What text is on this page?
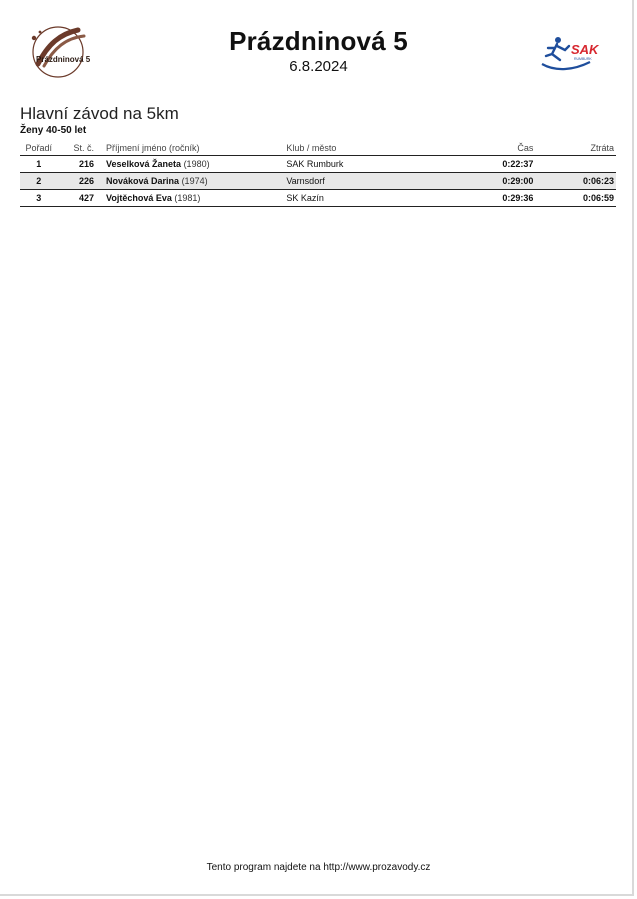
Prázdninová 5
Prázdninová 5
6.8.2024
SAK
RUMBURK
Hlavní závod na 5km
Ženy 40-50 let
Pořadí	St. č.	Příjmení jméno (ročník)	Klub / město	Čas	Ztráta
1	216	Veselková Žaneta (1980)	SAK Rumburk	0:22:37	
2	226	Nováková Darina (1974)	Varnsdorf	0:29:00	0:06:23
3	427	Vojtěchová Eva (1981)	SK Kazín	0:29:36	0:06:59
Tento program najdete na http://www.prozavody.cz
